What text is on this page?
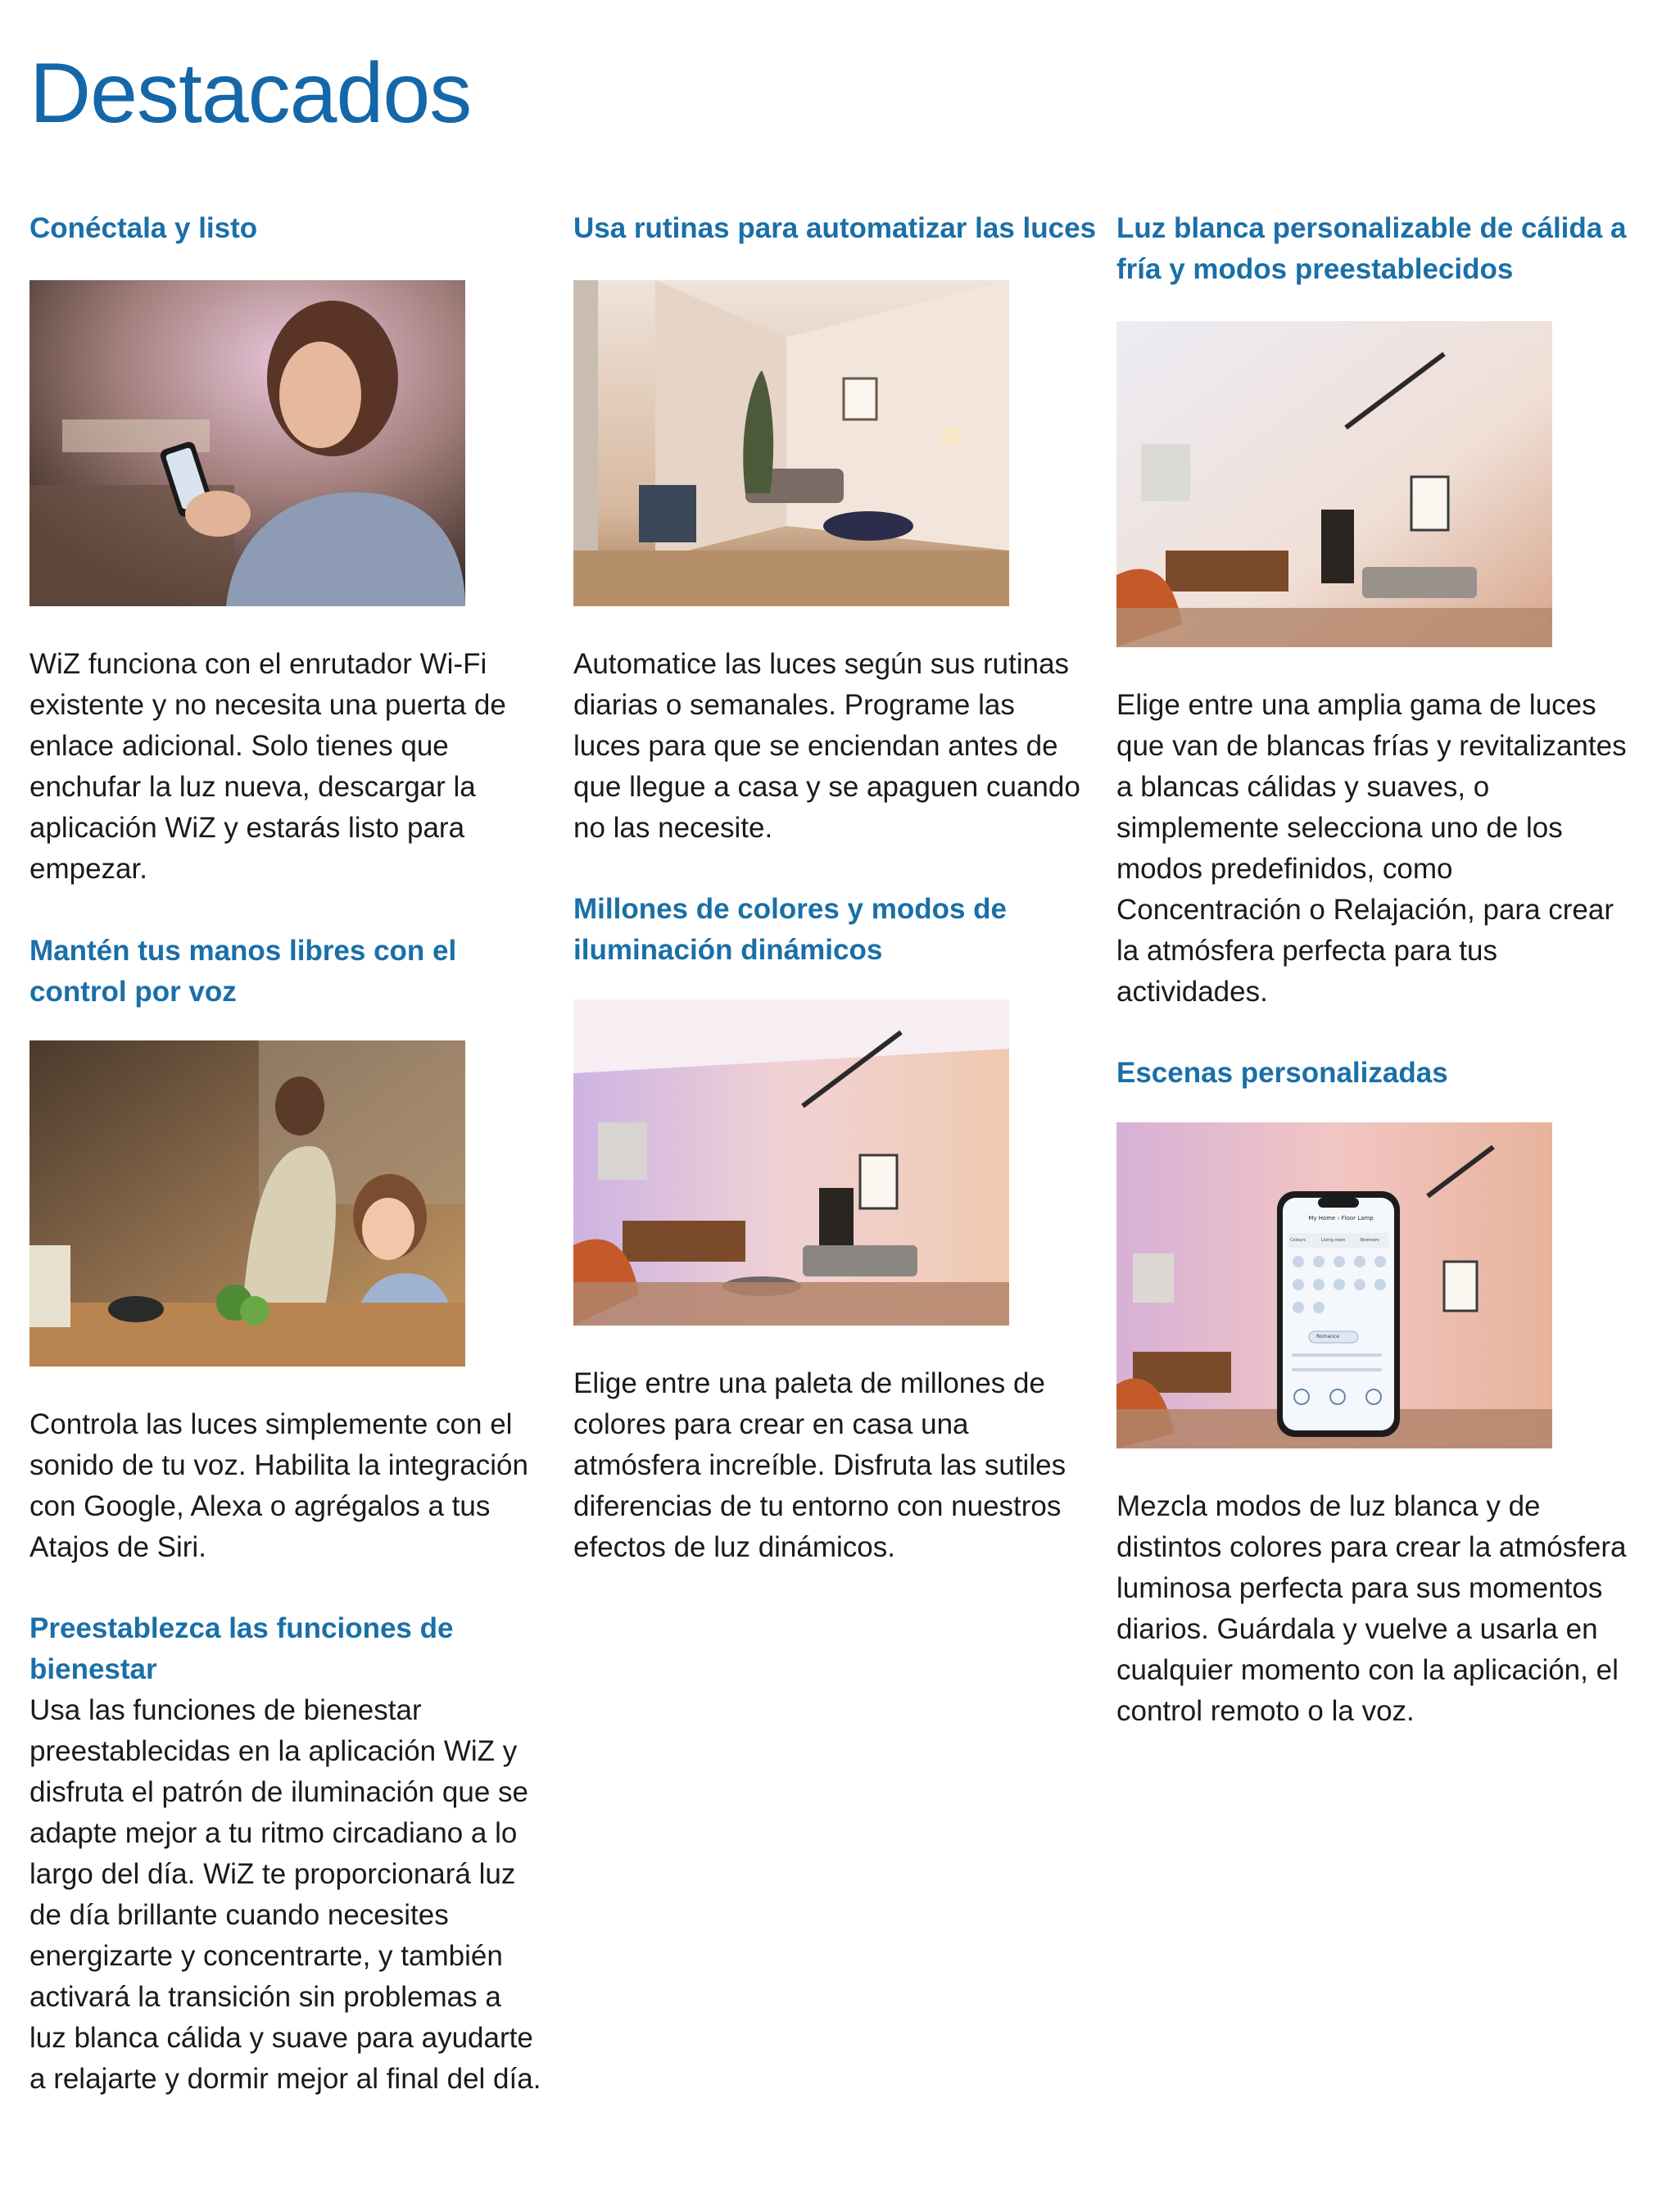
Destacados
Conéctala y listo

WiZ funciona con el enrutador Wi-Fi existente y no necesita una puerta de enlace adicional. Solo tienes que enchufar la luz nueva, descargar la aplicación WiZ y estarás listo para empezar.

Mantén tus manos libres con el control por voz

Controla las luces simplemente con el sonido de tu voz. Habilita la integración con Google, Alexa o agrégalos a tus Atajos de Siri.

Preestablezca las funciones de bienestar

Usa las funciones de bienestar preestablecidas en la aplicación WiZ y disfruta el patrón de iluminación que se adapte mejor a tu ritmo circadiano a lo largo del día. WiZ te proporcionará luz de día brillante cuando necesites energizarte y concentrarte, y también activará la transición sin problemas a luz blanca cálida y suave para ayudarte a relajarte y dormir mejor al final del día.

Usa rutinas para automatizar las luces

Automatice las luces según sus rutinas diarias o semanales. Programe las luces para que se enciendan antes de que llegue a casa y se apaguen cuando no las necesite.

Millones de colores y modos de iluminación dinámicos

Elige entre una paleta de millones de colores para crear en casa una atmósfera increíble. Disfruta las sutiles diferencias de tu entorno con nuestros efectos de luz dinámicos.

Luz blanca personalizable de cálida a fría y modos preestablecidos

Elige entre una amplia gama de luces que van de blancas frías y revitalizantes a blancas cálidas y suaves, o simplemente selecciona uno de los modos predefinidos, como Concentración o Relajación, para crear la atmósfera perfecta para tus actividades.

Escenas personalizadas
My Home › Floor Lamp
Colours	Living room	Bedroom
Romance

Mezcla modos de luz blanca y de distintos colores para crear la atmósfera luminosa perfecta para sus momentos diarios. Guárdala y vuelve a usarla en cualquier momento con la aplicación, el control remoto o la voz.
